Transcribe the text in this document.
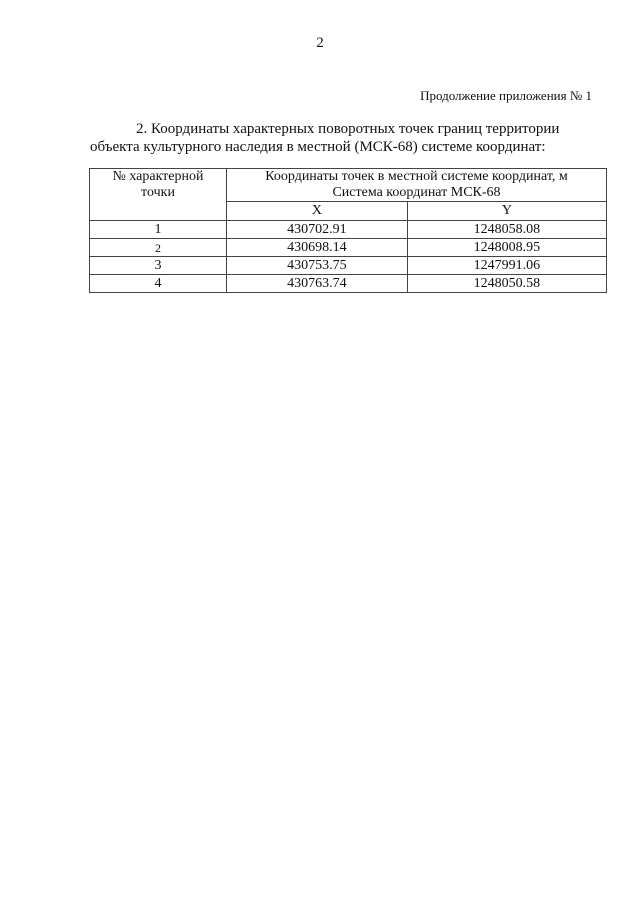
2
Продолжение приложения № 1
2. Координаты характерных поворотных точек границ территории
объекта культурного наследия в местной (МСК-68) системе координат:
№ характерной точки	Координаты точек в местной системе координат, м
Система координат МСК-68	

	X	Y
1	430702.91	1248058.08
2	430698.14	1248008.95
3	430753.75	1247991.06
4	430763.74	1248050.58
